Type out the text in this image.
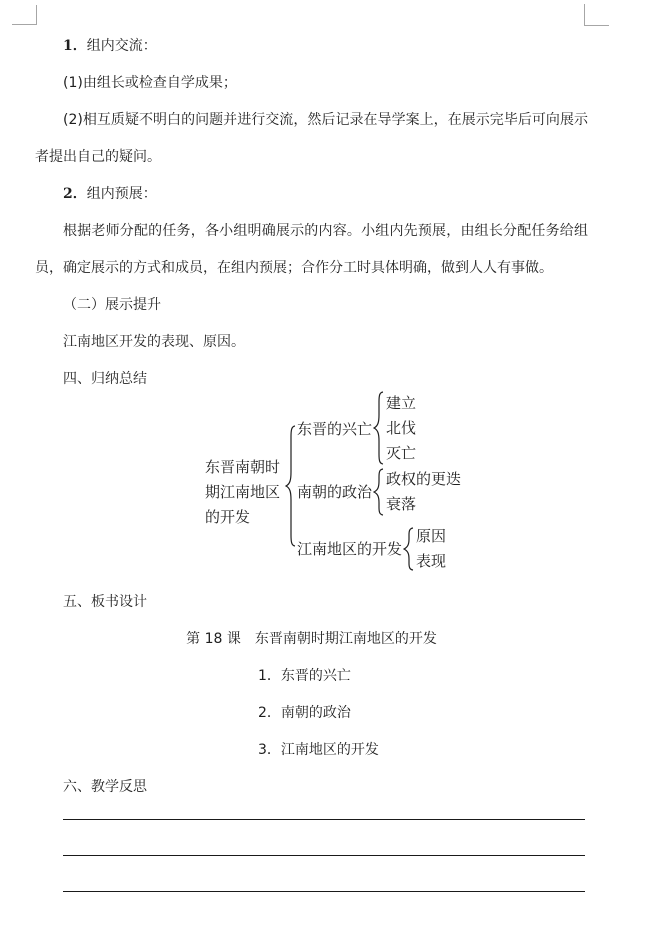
1．组内交流：

(1)由组长或检查自学成果；

(2)相互质疑不明白的问题并进行交流，然后记录在导学案上，在展示完毕后可向展示

者提出自己的疑问。

2．组内预展：

根据老师分配的任务，各小组明确展示的内容。小组内先预展，由组长分配任务给组

员，确定展示的方式和成员，在组内预展；合作分工时具体明确，做到人人有事做。

（二）展示提升

江南地区开发的表现、原因。

四、归纳总结

东晋南朝时
期江南地区
的开发
东晋的兴亡
建立
北伐
灭亡
南朝的政治
政权的更迭
衰落
江南地区的开发
原因
表现

五、板书设计

第 18 课　东晋南朝时期江南地区的开发

1．东晋的兴亡

2．南朝的政治

3．江南地区的开发

六、教学反思
